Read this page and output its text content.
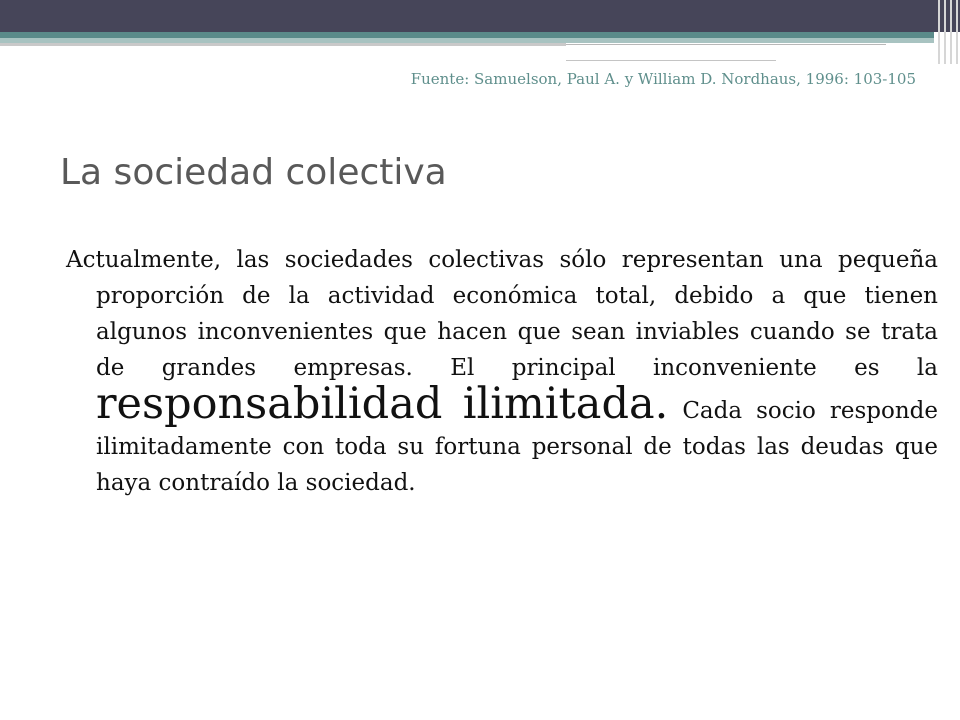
Fuente: Samuelson, Paul A. y William D. Nordhaus, 1996: 103-105
La sociedad colectiva
Actualmente, las sociedades colectivas sólo representan una pequeña proporción de la actividad económica total, debido a que tienen algunos inconvenientes que hacen que sean inviables cuando se trata de grandes empresas. El principal inconveniente es la responsabilidad ilimitada. Cada socio responde ilimitadamente con toda su fortuna personal de todas las deudas que haya contraído la sociedad.
